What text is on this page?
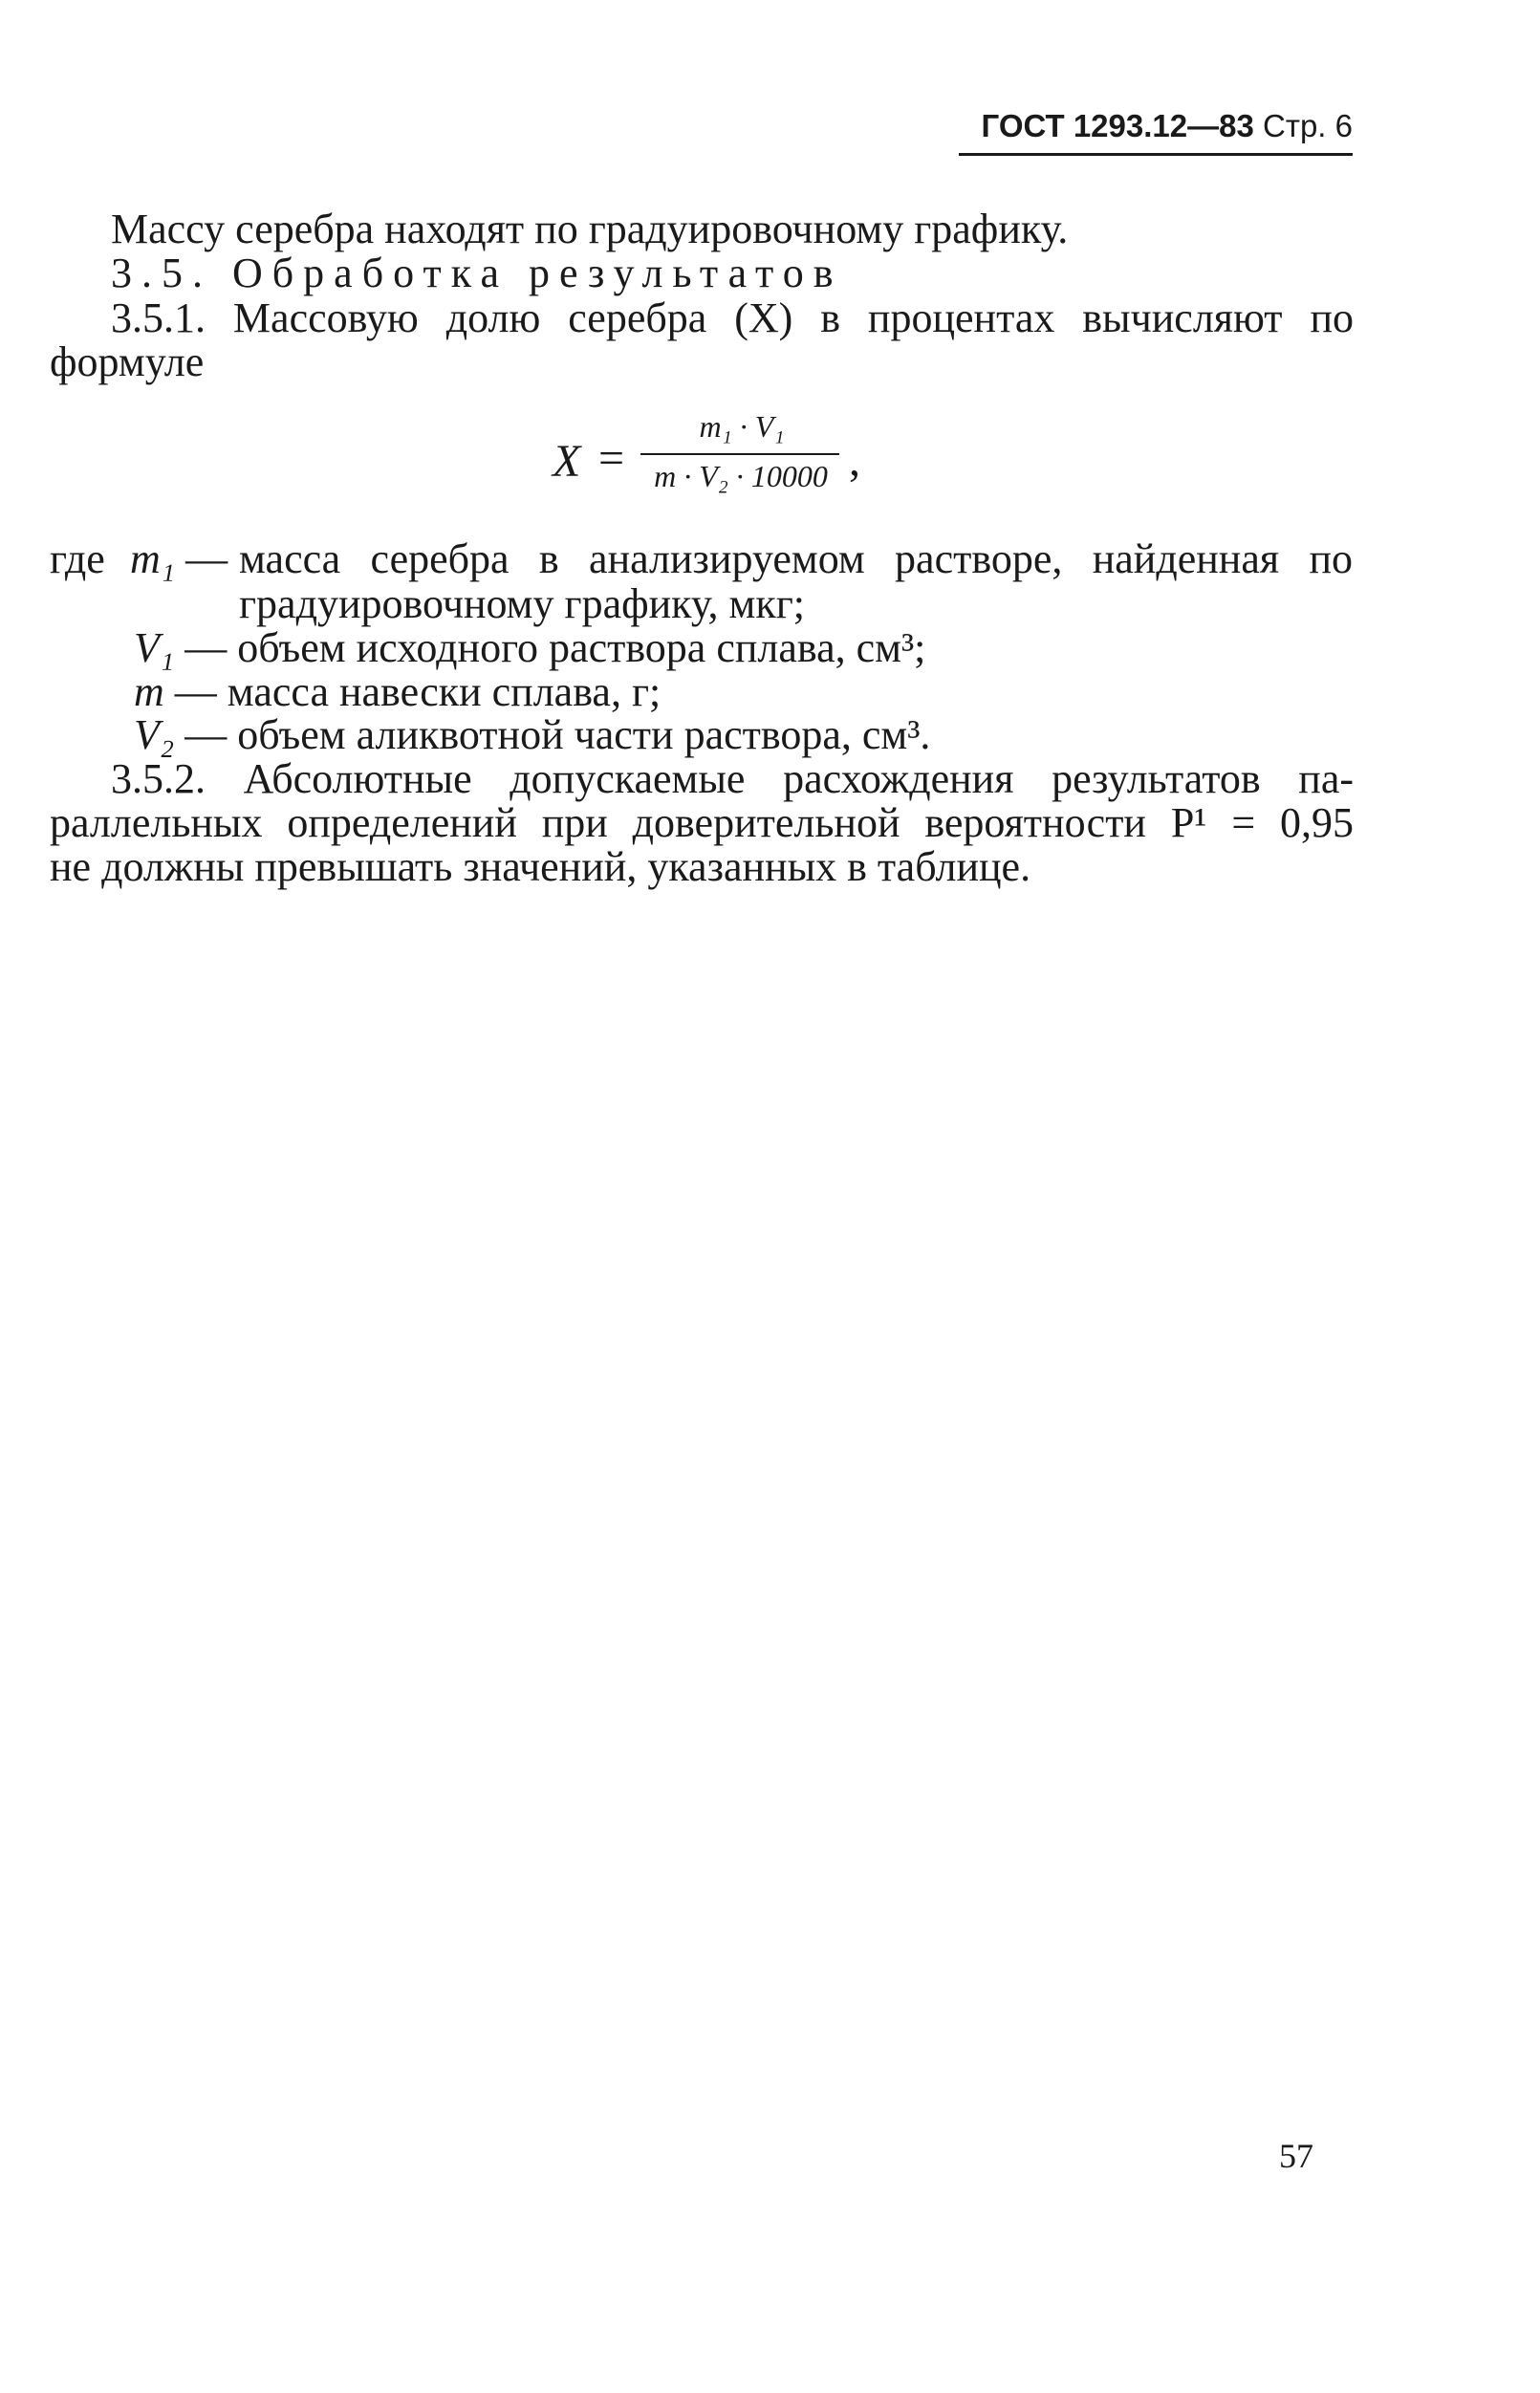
ГОСТ 1293.12—83 Стр. 6
Массу серебра находят по градуировочному графику.
3.5. Обработка результатов
3.5.1. Массовую долю серебра (X) в процентах вычисляют по
формуле
X =
m₁ · V₁
m · V₂ · 10000 ,
где m₁ — масса серебра в анализируемом растворе, найденная по
градуировочному графику, мкг;
V₁ — объем исходного раствора сплава, см³;
m — масса навески сплава, г;
V₂ — объем аликвотной части раствора, см³.
3.5.2. Абсолютные допускаемые расхождения результатов па-
раллельных определений при доверительной вероятности P¹ = 0,95
не должны превышать значений, указанных в таблице.
57
